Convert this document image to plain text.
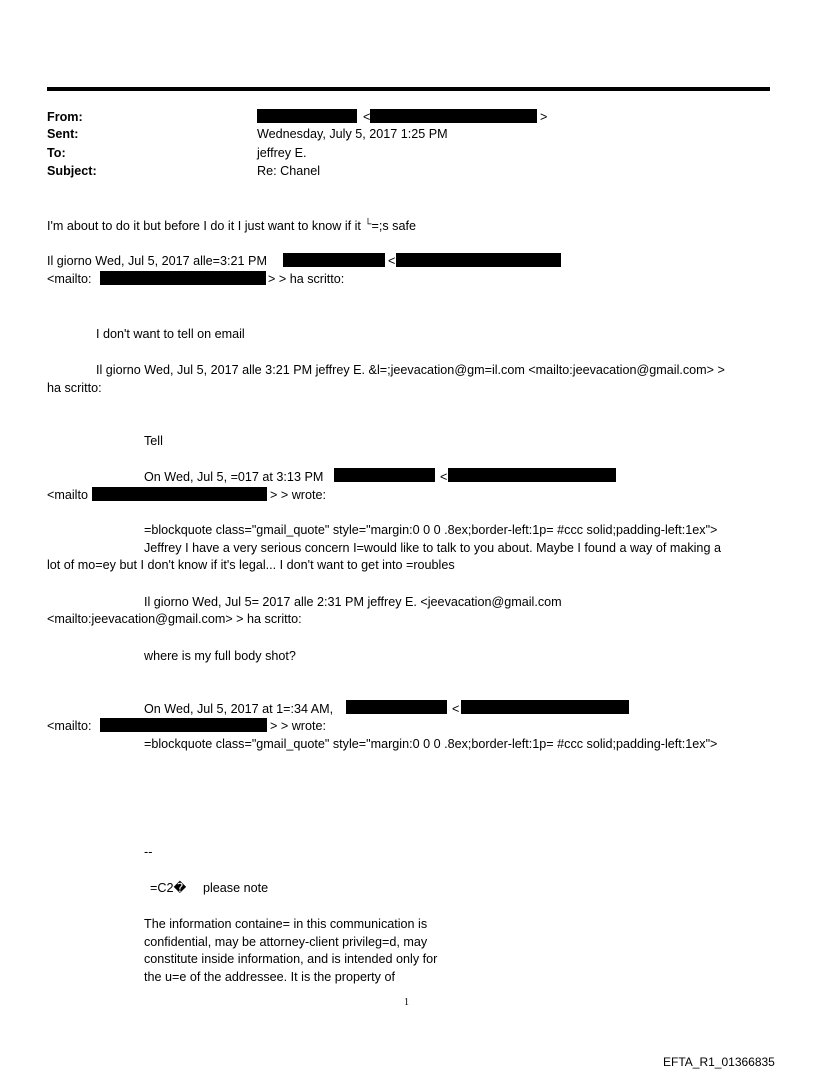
From:	<	>
Sent:	Wednesday, July 5, 2017 1:25 PM
To:	jeffrey E.
Subject:	Re: Chanel
I'm about to do it but before I do it I just want to know if it └=;s safe
Il giorno Wed, Jul 5, 2017 alle=3:21 PM	<
<mailto:	> > ha scritto:
I don't want to tell on email
Il giorno Wed, Jul 5, 2017 alle 3:21 PM jeffrey E. &l=;jeevacation@gm=il.com <mailto:jeevacation@gmail.com> >
ha scritto:
Tell
On Wed, Jul 5, =017 at 3:13 PM	<
<mailto	> > wrote:
=blockquote class="gmail_quote" style="margin:0 0 0 .8ex;border-left:1p= #ccc solid;padding-left:1ex">
Jeffrey I have a very serious concern I=would like to talk to you about. Maybe I found a way of making a
lot of mo=ey but I don't know if it's legal... I don't want to get into =roubles
Il giorno Wed, Jul 5= 2017 alle 2:31 PM jeffrey E. <jeevacation@gmail.com
<mailto:jeevacation@gmail.com> > ha scritto:
where is my full body shot?
On Wed, Jul 5, 2017 at 1=:34 AM,	<
<mailto:	> > wrote:
=blockquote class="gmail_quote" style="margin:0 0 0 .8ex;border-left:1p= #ccc solid;padding-left:1ex">
--
=C2� please note
The information containe= in this communication is
confidential, may be attorney-client privileg=d, may
constitute inside information, and is intended only for
the u=e of the addressee. It is the property of
1
EFTA_R1_01366835
